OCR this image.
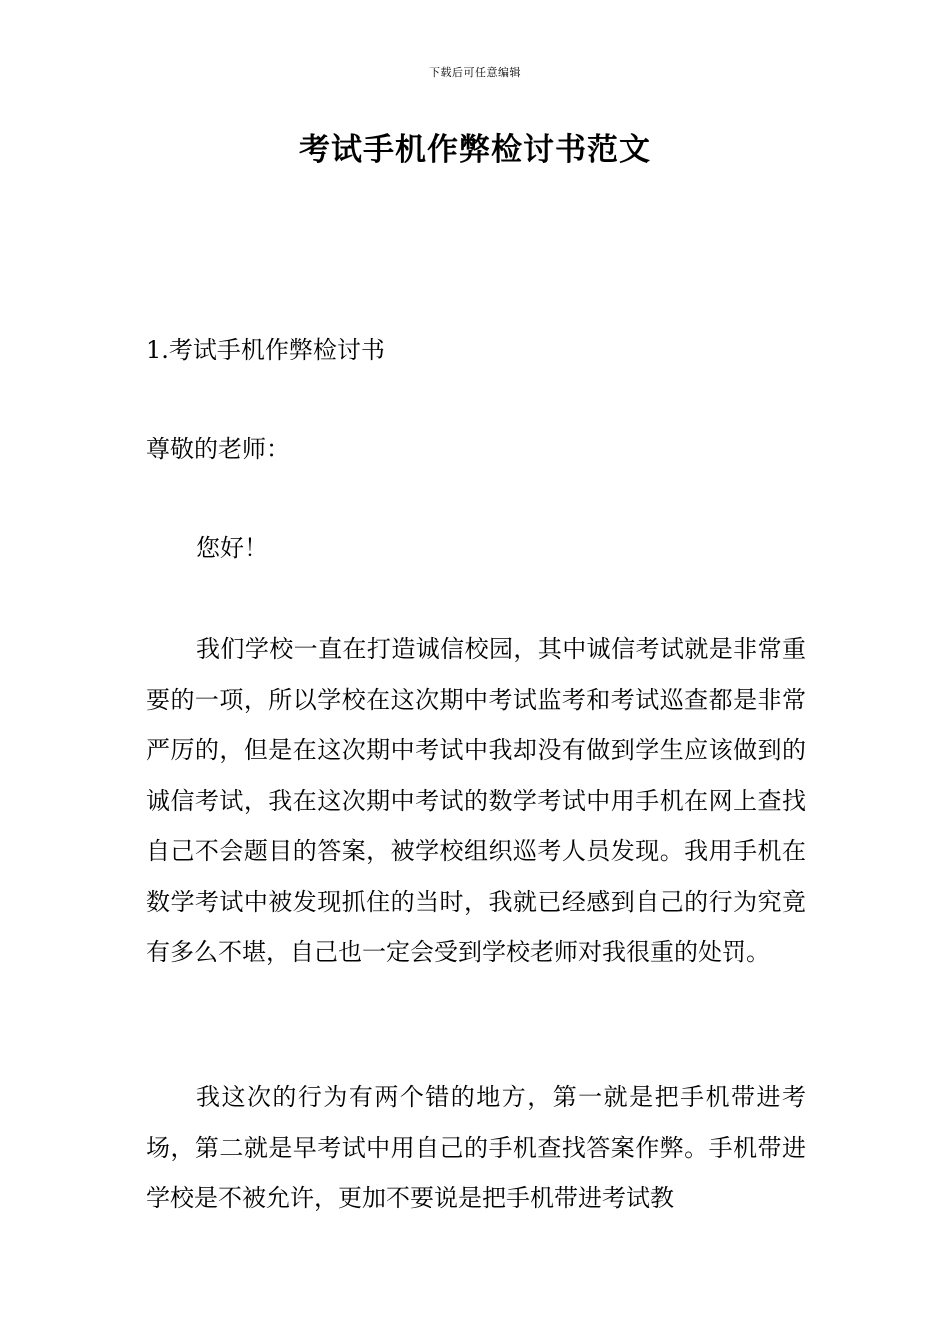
下载后可任意编辑
考试手机作弊检讨书范文
1.考试手机作弊检讨书

尊敬的老师：

您好！

我们学校一直在打造诚信校园，其中诚信考试就是非常重要的一项，所以学校在这次期中考试监考和考试巡查都是非常严厉的，但是在这次期中考试中我却没有做到学生应该做到的诚信考试，我在这次期中考试的数学考试中用手机在网上查找自己不会题目的答案，被学校组织巡考人员发现。我用手机在数学考试中被发现抓住的当时，我就已经感到自己的行为究竟有多么不堪，自己也一定会受到学校老师对我很重的处罚。

我这次的行为有两个错的地方，第一就是把手机带进考场，第二就是早考试中用自己的手机查找答案作弊。手机带进学校是不被允许，更加不要说是把手机带进考试教
